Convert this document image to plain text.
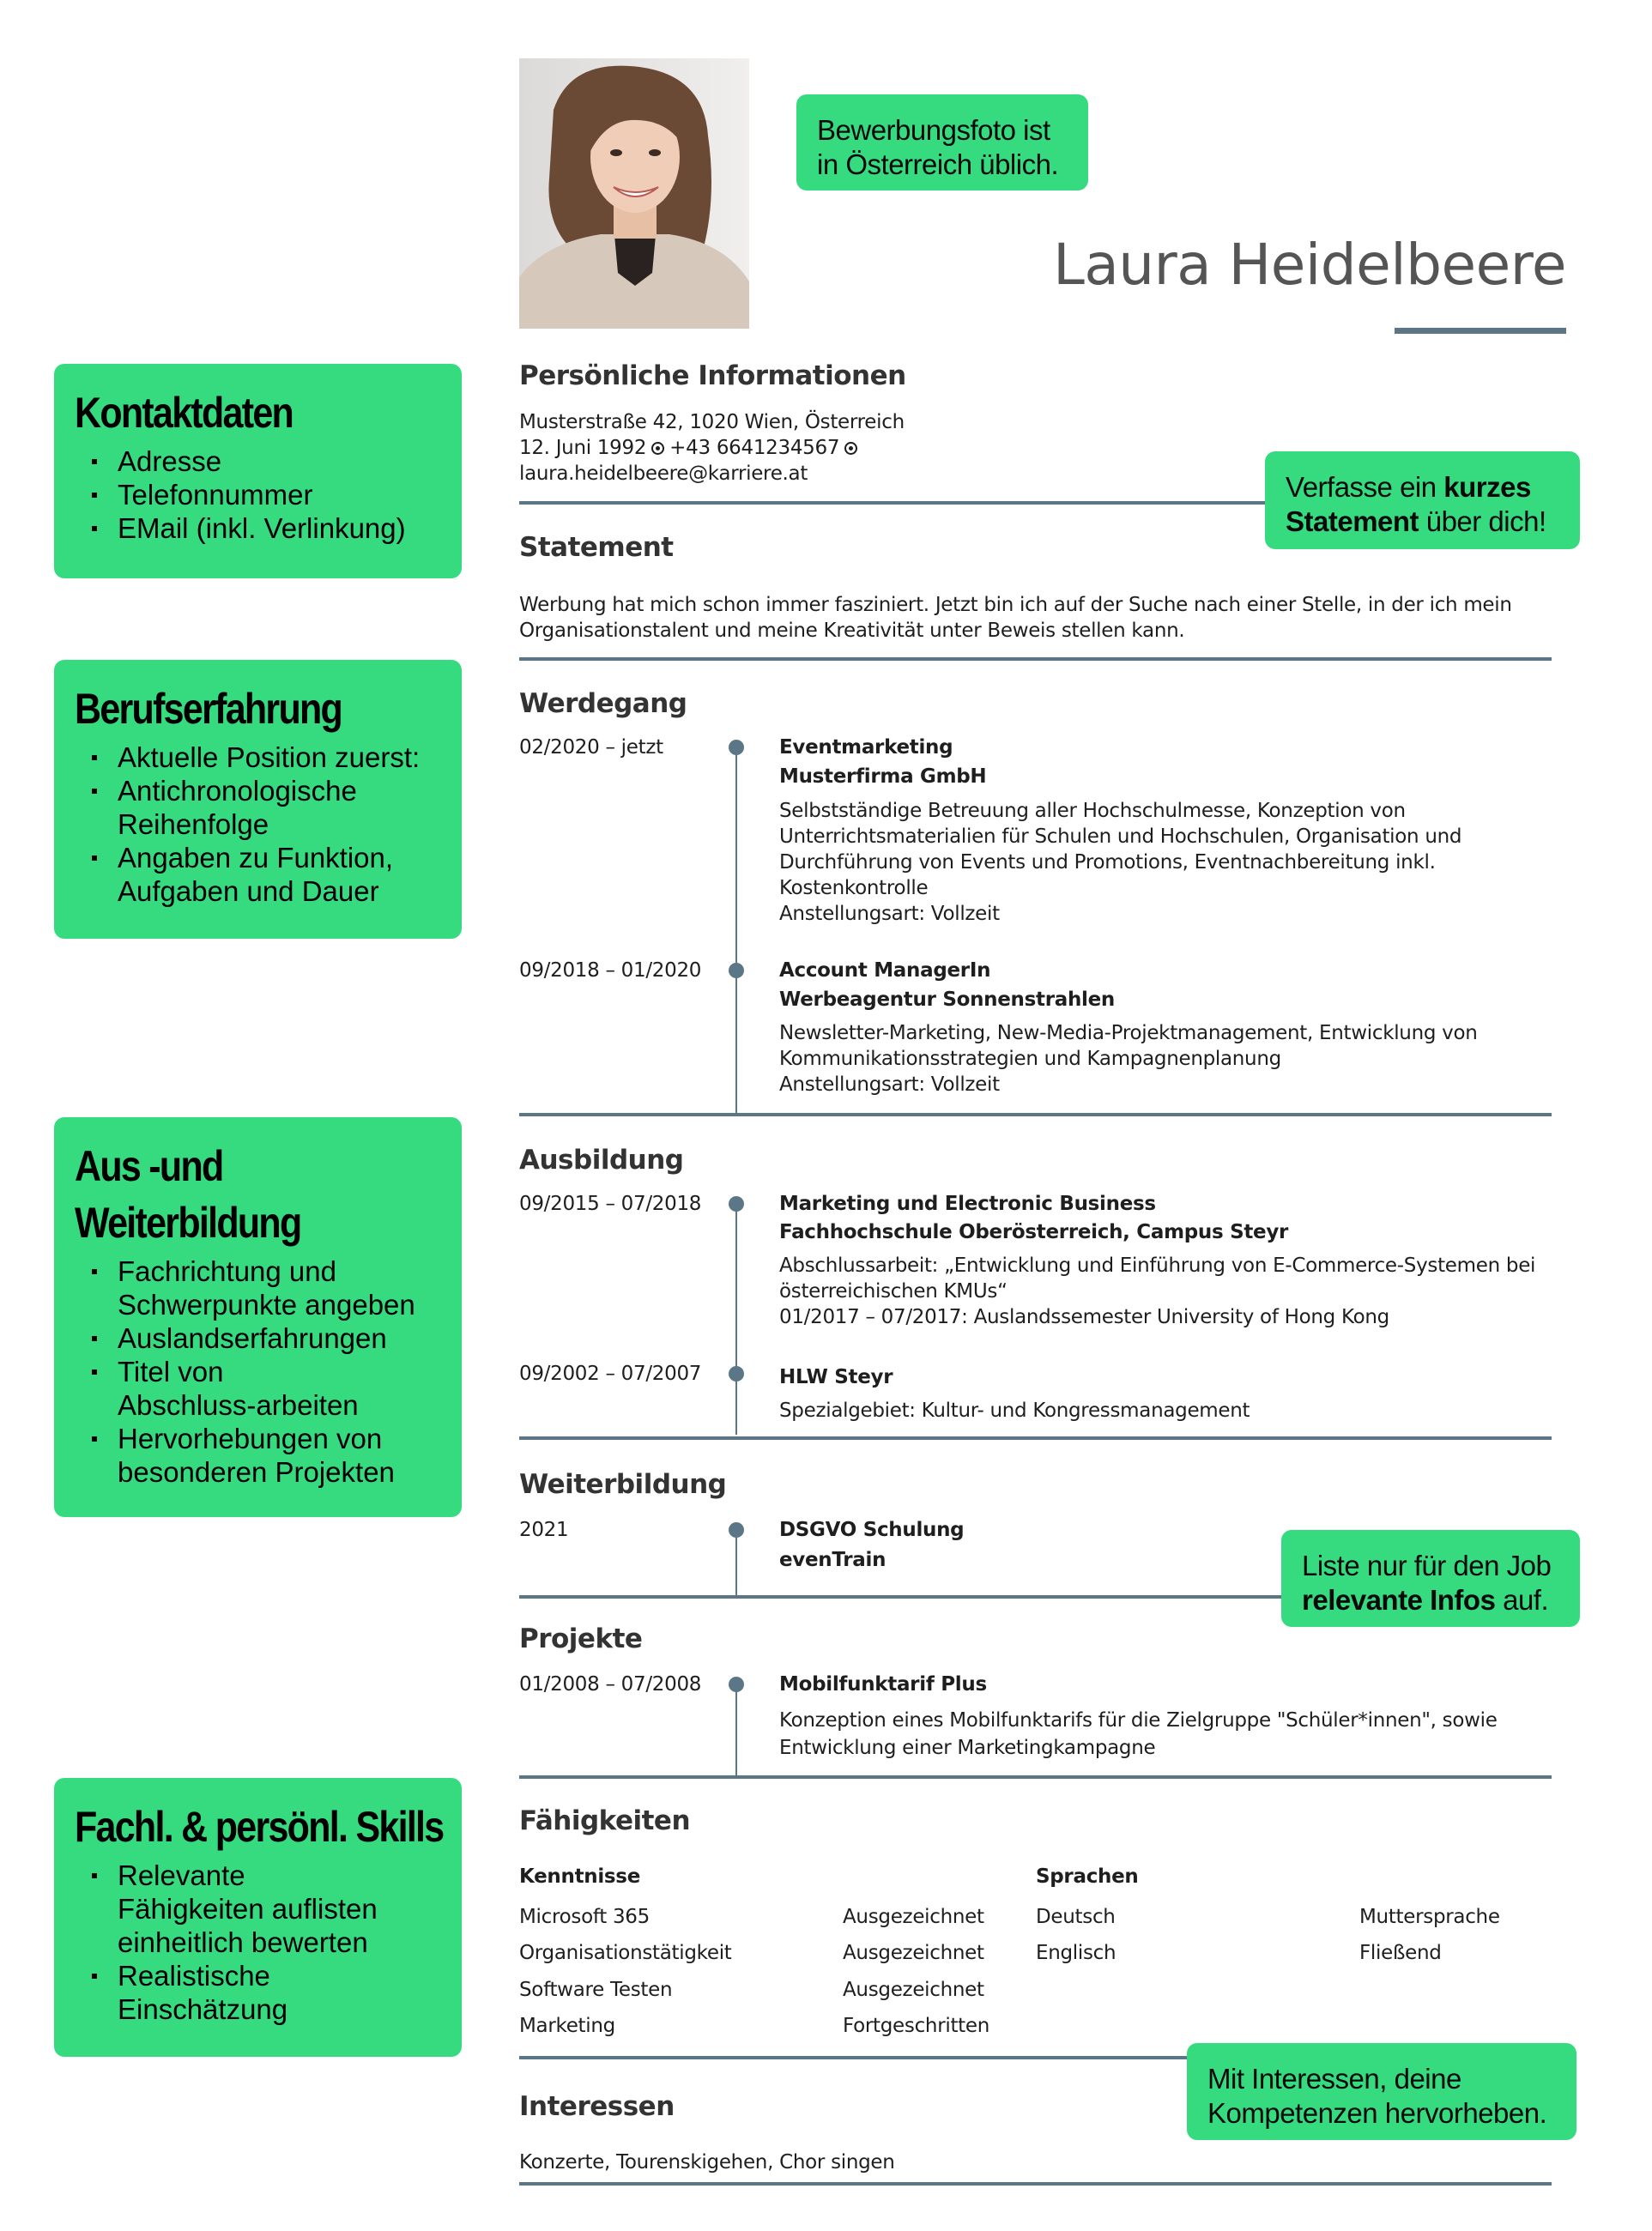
Kontaktdaten
Adresse
Telefonnummer
EMail (inkl. Verlinkung)
Berufserfahrung
Aktuelle Position zuerst:
Antichronologische Reihenfolge
Angaben zu Funktion, Aufgaben und Dauer
Aus -und Weiterbildung
Fachrichtung und Schwerpunkte angeben
Auslandserfahrungen
Titel von Abschluss-arbeiten
Hervorhebungen von besonderen Projekten
Fachl. & persönl. Skills
Relevante Fähigkeiten auflisten einheitlich bewerten
Realistische Einschätzung
Bewerbungsfoto ist
in Österreich üblich.
Laura Heidelbeere
Persönliche Informationen
Musterstraße 42, 1020 Wien, Österreich
12. Juni 1992 +43 6641234567
laura.heidelbeere@karriere.at	Verfasse ein kurzes
Statement über dich!
Statement
Werbung hat mich schon immer fasziniert. Jetzt bin ich auf der Suche nach einer Stelle, in der ich mein
Organisationstalent und meine Kreativität unter Beweis stellen kann.
Werdegang
02/2020 – jetzt	Eventmarketing
Musterfirma GmbH
Selbstständige Betreuung aller Hochschulmesse, Konzeption von
Unterrichtsmaterialien für Schulen und Hochschulen, Organisation und
Durchführung von Events und Promotions, Eventnachbereitung inkl.
Kostenkontrolle
Anstellungsart: Vollzeit
09/2018 – 01/2020	Account ManagerIn
Werbeagentur Sonnenstrahlen
Newsletter-Marketing, New-Media-Projektmanagement, Entwicklung von
Kommunikationsstrategien und Kampagnenplanung
Anstellungsart: Vollzeit
Ausbildung
09/2015 – 07/2018	Marketing und Electronic Business
Fachhochschule Oberösterreich, Campus Steyr
Abschlussarbeit: „Entwicklung und Einführung von E-Commerce-Systemen bei
österreichischen KMUs“
01/2017 – 07/2017: Auslandssemester University of Hong Kong
09/2002 – 07/2007	HLW Steyr
Spezialgebiet: Kultur- und Kongressmanagement
Weiterbildung
2021	DSGVO Schulung
evenTrain	Liste nur für den Job
relevante Infos auf.
Projekte
01/2008 – 07/2008	Mobilfunktarif Plus
Konzeption eines Mobilfunktarifs für die Zielgruppe "Schüler*innen", sowie
Entwicklung einer Marketingkampagne
Fähigkeiten
Kenntnisse	Sprachen
Microsoft 365	Ausgezeichnet
Organisationstätigkeit	Ausgezeichnet
Software Testen	Ausgezeichnet
Marketing	Fortgeschritten
Deutsch	Muttersprache
Englisch	Fließend
Mit Interessen, deine
Kompetenzen hervorheben.
Interessen
Konzerte, Tourenskigehen, Chor singen
